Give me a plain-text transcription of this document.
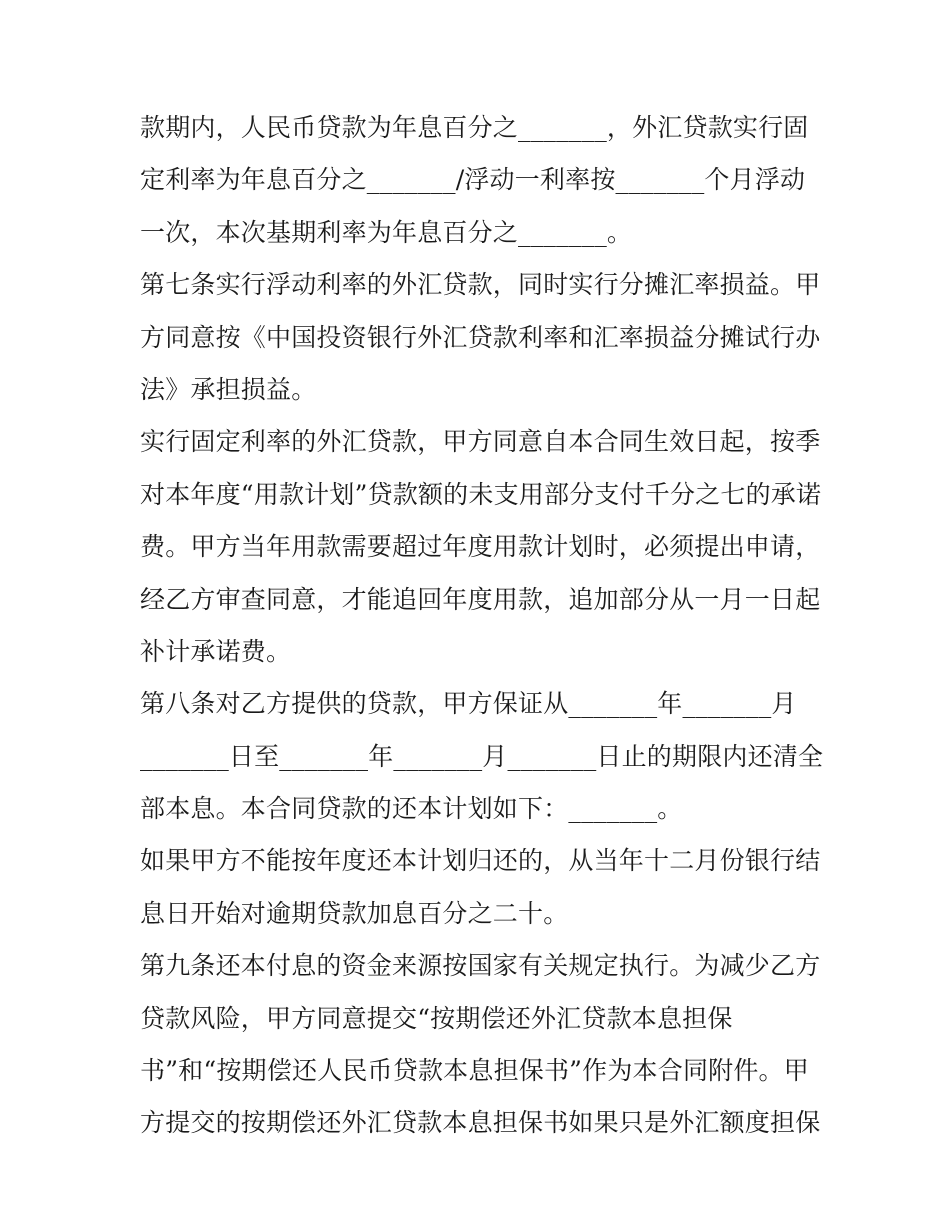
款期内，人民币贷款为年息百分之_______，外汇贷款实行固
定利率为年息百分之_______/浮动一利率按_______个月浮动
一次，本次基期利率为年息百分之_______。
第七条实行浮动利率的外汇贷款，同时实行分摊汇率损益。甲
方同意按《中国投资银行外汇贷款利率和汇率损益分摊试行办
法》承担损益。
实行固定利率的外汇贷款，甲方同意自本合同生效日起，按季
对本年度“用款计划”贷款额的未支用部分支付千分之七的承诺
费。甲方当年用款需要超过年度用款计划时，必须提出申请，
经乙方审查同意，才能追回年度用款，追加部分从一月一日起
补计承诺费。
第八条对乙方提供的贷款，甲方保证从_______年_______月
_______日至_______年_______月_______日止的期限内还清全
部本息。本合同贷款的还本计划如下：_______。
如果甲方不能按年度还本计划归还的，从当年十二月份银行结
息日开始对逾期贷款加息百分之二十。
第九条还本付息的资金来源按国家有关规定执行。为减少乙方
贷款风险，甲方同意提交“按期偿还外汇贷款本息担保
书”和“按期偿还人民币贷款本息担保书”作为本合同附件。甲
方提交的按期偿还外汇贷款本息担保书如果只是外汇额度担保
